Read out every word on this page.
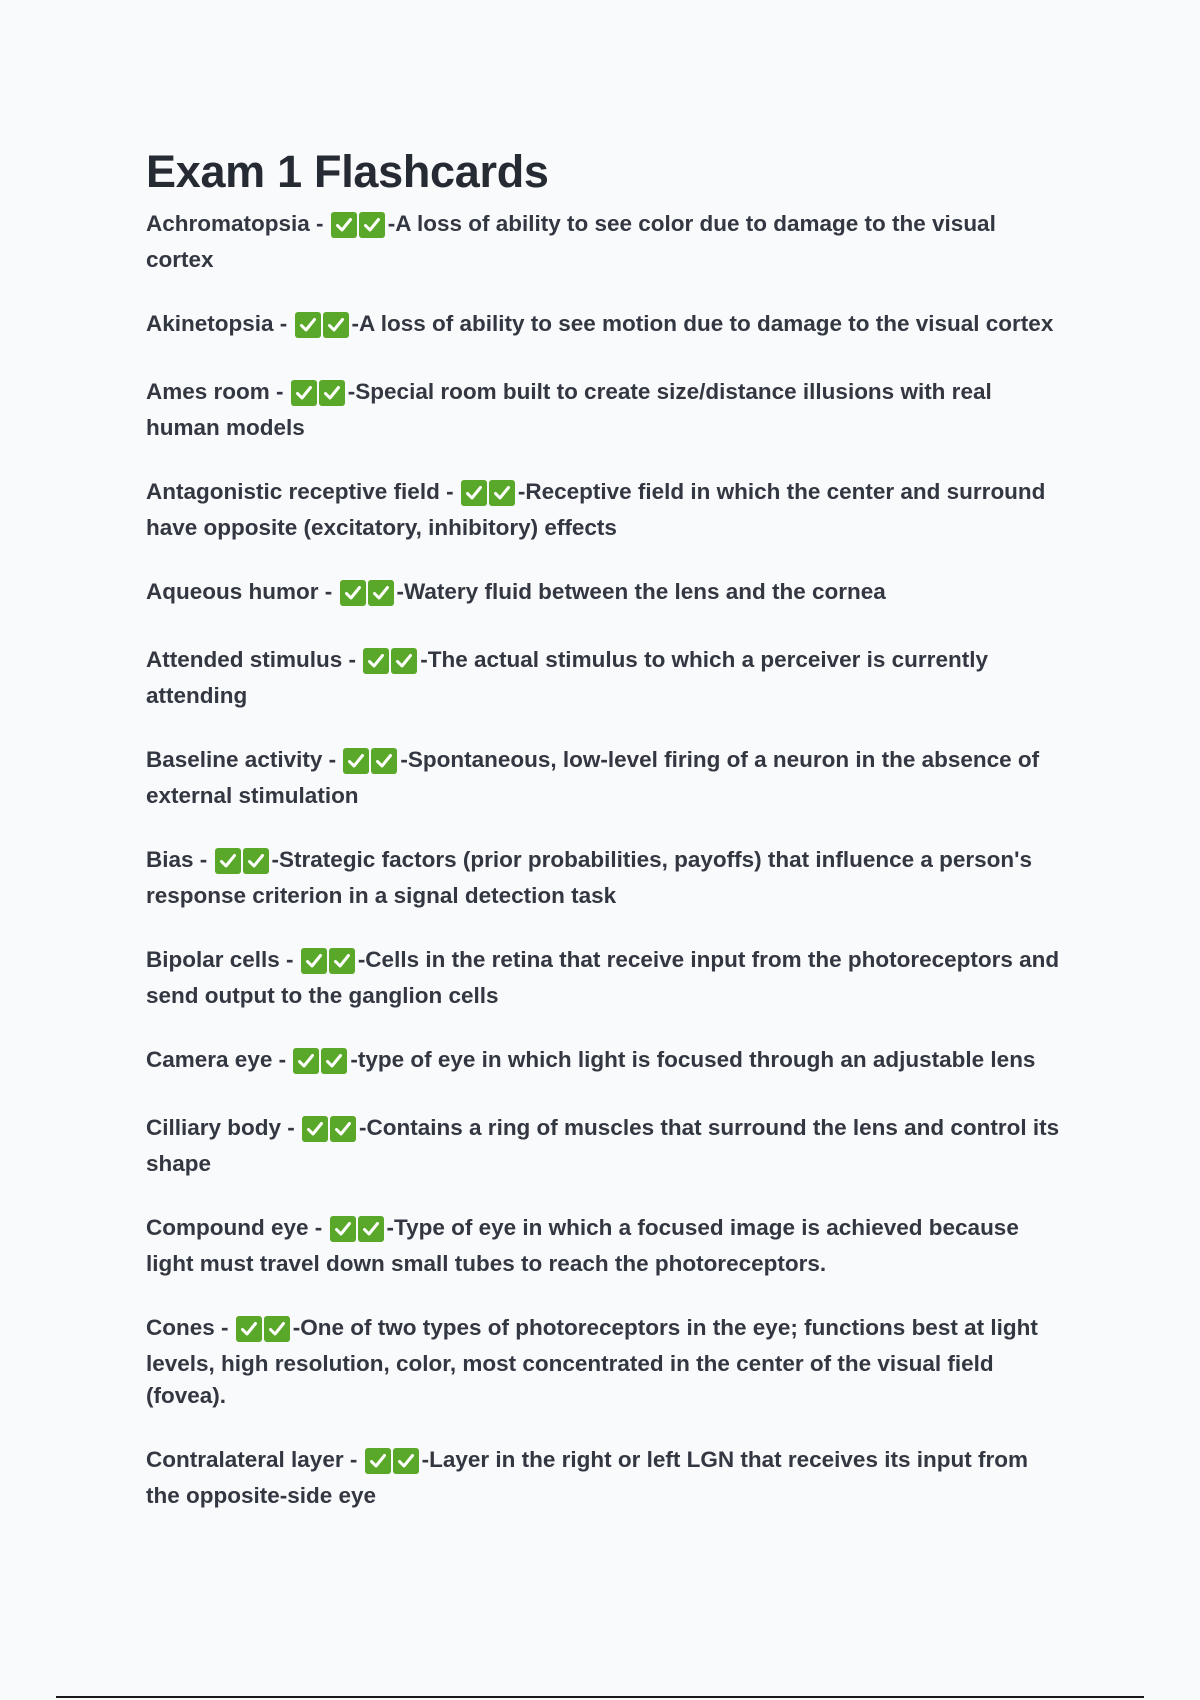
Exam 1 Flashcards

Achromatopsia -	-A loss of ability to see color due to damage to the visual cortex

Akinetopsia -	-A loss of ability to see motion due to damage to the visual cortex

Ames room -	-Special room built to create size/distance illusions with real human models

Antagonistic receptive field -	-Receptive field in which the center and surround have opposite (excitatory, inhibitory) effects

Aqueous humor -	-Watery fluid between the lens and the cornea

Attended stimulus -	-The actual stimulus to which a perceiver is currently attending

Baseline activity -	-Spontaneous, low-level firing of a neuron in the absence of external stimulation

Bias -	-Strategic factors (prior probabilities, payoffs) that influence a person's response criterion in a signal detection task

Bipolar cells -	-Cells in the retina that receive input from the photoreceptors and send output to the ganglion cells

Camera eye -	-type of eye in which light is focused through an adjustable lens

Cilliary body -	-Contains a ring of muscles that surround the lens and control its shape

Compound eye -	-Type of eye in which a focused image is achieved because light must travel down small tubes to reach the photoreceptors.

Cones -	-One of two types of photoreceptors in the eye; functions best at light levels, high resolution, color, most concentrated in the center of the visual field (fovea).

Contralateral layer -	-Layer in the right or left LGN that receives its input from the opposite-side eye
